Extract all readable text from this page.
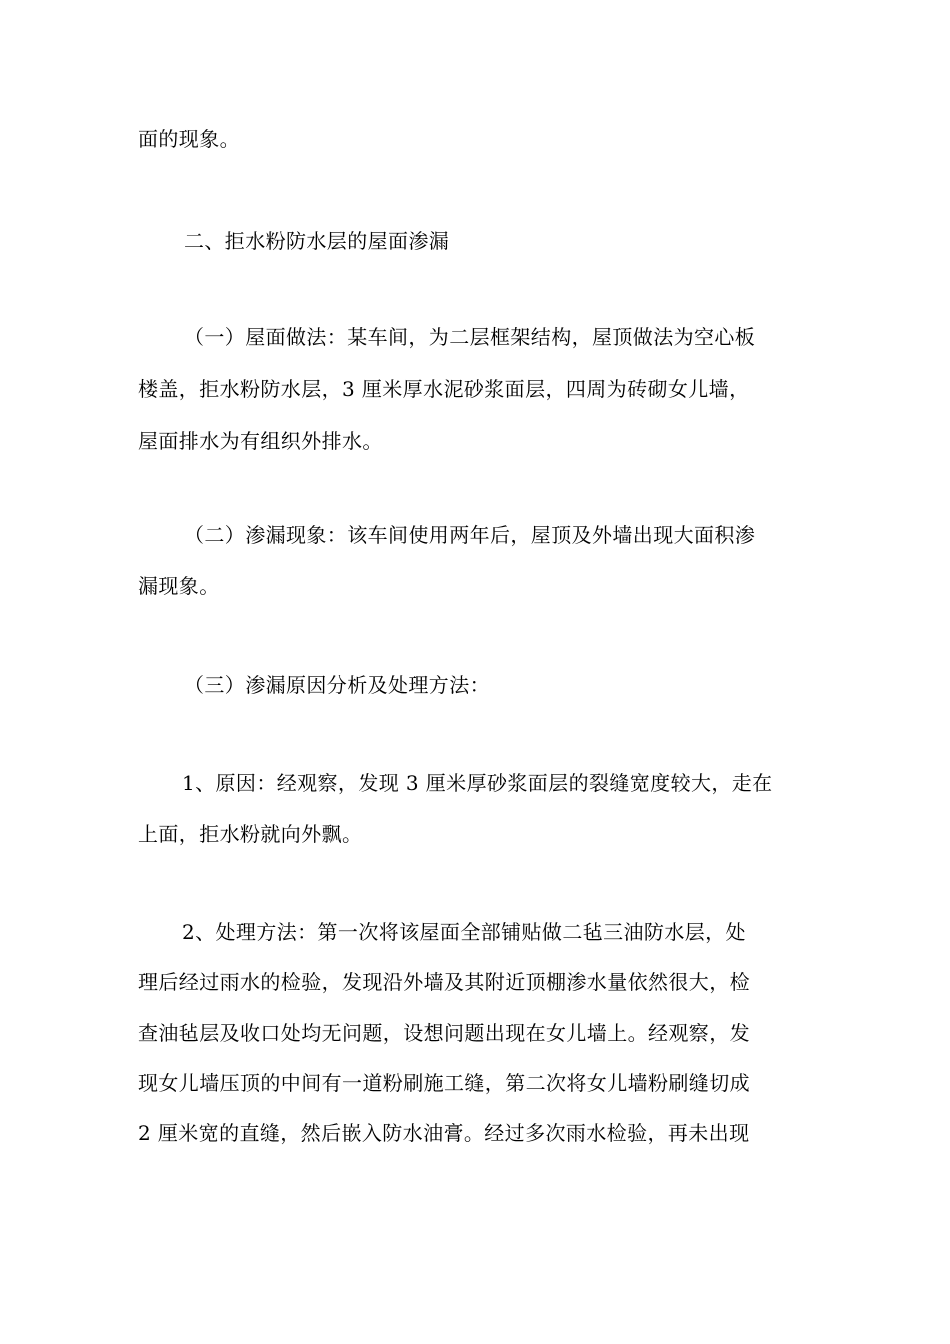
面的现象。
二、拒水粉防水层的屋面渗漏
（一）屋面做法：某车间，为二层框架结构，屋顶做法为空心板
楼盖，拒水粉防水层，3 厘米厚水泥砂浆面层，四周为砖砌女儿墙，
屋面排水为有组织外排水。
（二）渗漏现象：该车间使用两年后，屋顶及外墙出现大面积渗
漏现象。
（三）渗漏原因分析及处理方法：
1、原因：经观察，发现 3 厘米厚砂浆面层的裂缝宽度较大，走在
上面，拒水粉就向外飘。
2、处理方法：第一次将该屋面全部铺贴做二毡三油防水层，处
理后经过雨水的检验，发现沿外墙及其附近顶棚渗水量依然很大，检
查油毡层及收口处均无问题，设想问题出现在女儿墙上。经观察，发
现女儿墙压顶的中间有一道粉刷施工缝，第二次将女儿墙粉刷缝切成
2 厘米宽的直缝，然后嵌入防水油膏。经过多次雨水检验，再未出现
